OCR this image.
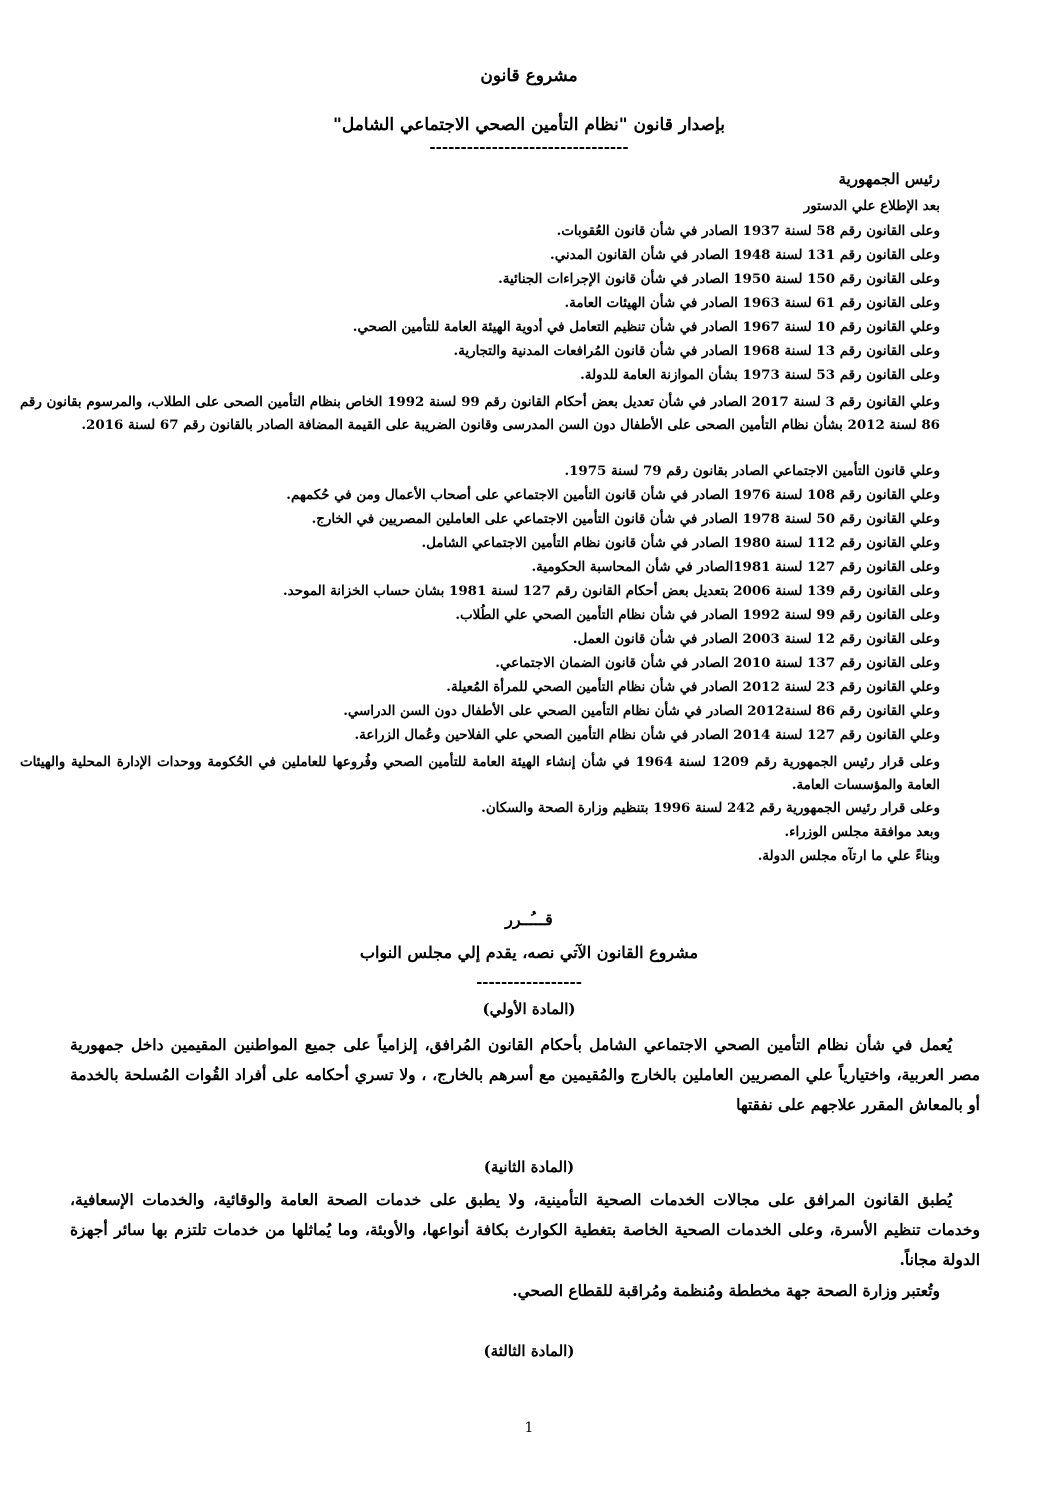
مشروع قانون
بإصدار قانون "نظام التأمين الصحي الاجتماعي الشامل"
--------------------------------
رئيس الجمهورية
بعد الإطلاع علي الدستور
وعلى القانون رقم 58 لسنة 1937 الصادر في شأن قانون العُقوبات.
وعلى القانون رقم 131 لسنة 1948 الصادر في شأن القانون المدني.
وعلى القانون رقم 150 لسنة 1950 الصادر في شأن قانون الإجراءات الجنائية.
وعلى القانون رقم 61 لسنة 1963 الصادر في شأن الهيئات العامة.
وعلي القانون رقم 10 لسنة 1967 الصادر في شأن تنظيم التعامل في أدوية الهيئة العامة للتأمين الصحي.
وعلى القانون رقم 13 لسنة 1968 الصادر في شأن قانون المُرافعات المدنية والتجارية.
وعلى القانون رقم 53 لسنة 1973 بشأن الموازنة العامة للدولة.
وعلي القانون رقم 3 لسنة 2017 الصادر في شأن تعديل بعض أحكام القانون رقم 99 لسنة 1992 الخاص بنظام التأمين الصحى على الطلاب، والمرسوم بقانون رقم 86 لسنة 2012 بشأن نظام التأمين الصحى على الأطفال دون السن المدرسى وقانون الضريبة على القيمة المضافة الصادر بالقانون رقم 67 لسنة 2016.
وعلي قانون التأمين الاجتماعي الصادر بقانون رقم 79 لسنة 1975.
وعلي القانون رقم 108 لسنة 1976 الصادر في شأن قانون التأمين الاجتماعي على أصحاب الأعمال ومن في حُكمهم.
وعلي القانون رقم 50 لسنة 1978 الصادر في شأن قانون التأمين الاجتماعي على العاملين المصريين في الخارج.
وعلي القانون رقم 112 لسنة 1980 الصادر في شأن قانون نظام التأمين الاجتماعي الشامل.
وعلى القانون رقم 127 لسنة 1981الصادر في شأن المحاسبة الحكومية.
وعلى القانون رقم 139 لسنة 2006 بتعديل بعض أحكام القانون رقم 127 لسنة 1981 بشان حساب الخزانة الموحد.
وعلى القانون رقم 99 لسنة 1992 الصادر في شأن نظام التأمين الصحي علي الطُلاب.
وعلى القانون رقم 12 لسنة 2003 الصادر في شأن قانون العمل.
وعلى القانون رقم 137 لسنة 2010 الصادر في شأن قانون الضمان الاجتماعي.
وعلي القانون رقم 23 لسنة 2012 الصادر في شأن نظام التأمين الصحي للمرأة المُعيلة.
وعلي القانون رقم 86 لسنة2012 الصادر في شأن نظام التأمين الصحي على الأطفال دون السن الدراسي.
وعلي القانون رقم 127 لسنة 2014 الصادر في شأن نظام التأمين الصحي علي الفلاحين وعُمال الزراعة.
وعلى قرار رئيس الجمهورية رقم 1209 لسنة 1964 في شأن إنشاء الهيئة العامة للتأمين الصحي وفُروعها للعاملين في الحُكومة ووحدات الإدارة المحلية والهيئات العامة والمؤسسات العامة.
وعلى قرار رئيس الجمهورية رقم 242 لسنة 1996 بتنظيم وزارة الصحة والسكان.
وبعد موافقة مجلس الوزراء.
وبناءً علي ما ارتآه مجلس الدولة.
قـــُــرر
مشروع القانون الآتي نصه، يقدم إلي مجلس النواب
-----------------
(المادة الأولي)
يُعمل في شأن نظام التأمين الصحي الاجتماعي الشامل بأحكام القانون المُرافق، إلزامياً على جميع المواطنين المقيمين داخل جمهورية مصر العربية، واختيارياً علي المصريين العاملين بالخارج والمُقيمين مع أسرهم بالخارج، ، ولا تسري أحكامه على أفراد القُوات المُسلحة بالخدمة أو بالمعاش المقرر علاجهم على نفقتها
(المادة الثانية)
يُطبق القانون المرافق على مجالات الخدمات الصحية التأمينية، ولا يطبق على خدمات الصحة العامة والوقائية، والخدمات الإسعافية، وخدمات تنظيم الأسرة، وعلى الخدمات الصحية الخاصة بتغطية الكوارث بكافة أنواعها، والأوبئة، وما يُماثلها من خدمات تلتزم بها سائر أجهزة الدولة مجاناً.
وتُعتبر وزارة الصحة جهة مخططة ومُنظمة ومُراقبة للقطاع الصحي.
(المادة الثالثة)
1
